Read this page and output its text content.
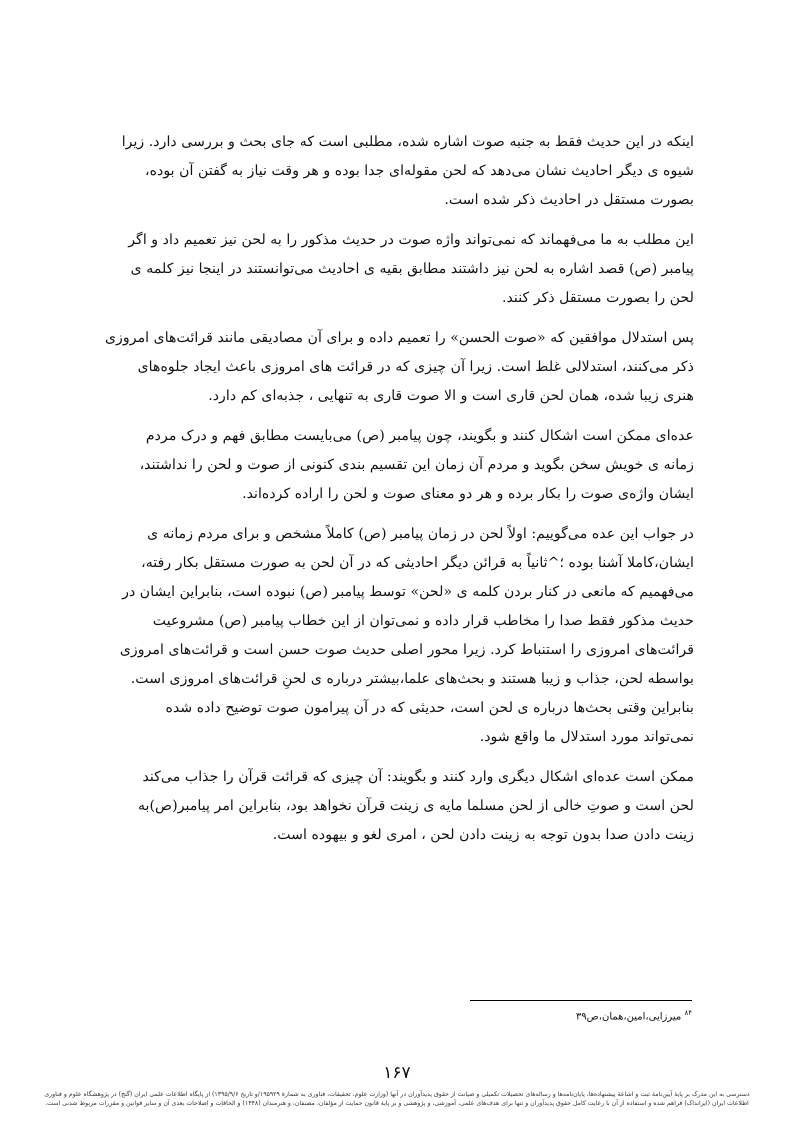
اینکه در این حدیث فقط به جنبه صوت اشاره شده، مطلبی است که جای بحث و بررسی دارد. زیرا
شیوه ی دیگر احادیث نشان می‌دهد که لحن مقوله‌ای جدا بوده و هر وقت نیاز به گفتن آن بوده،
بصورت مستقل در احادیث ذکر شده است.

این مطلب به ما می‌فهماند که نمی‌تواند واژه صوت در حدیث مذکور را به لحن نیز تعمیم داد و اگر
پیامبر (ص) قصد اشاره به لحن نیز داشتند مطابق بقیه ی احادیث می‌توانستند در اینجا نیز کلمه ی
لحن را بصورت مستقل ذکر کنند.

پس استدلال موافقین که «صوت الحسن» را تعمیم داده و برای آن مصادیقی مانند قرائت‌های امروزی
ذکر می‌کنند، استدلالی غلط است. زیرا آن چیزی که در قرائت های امروزی باعث ایجاد جلوه‌های
هنری زیبا شده، همان لحن قاری است و الا صوت قاری به تنهایی ، جذبه‌ای کم دارد.

عده‌ای ممکن است اشکال کنند و بگویند، چون پیامبر (ص) می‌بایست مطابق فهم و درک مردم
زمانه ی خویش سخن بگوید و مردم آن زمان این تقسیم بندی کنونی از صوت و لحن را نداشتند،
ایشان واژه‌ی صوت را بکار برده و هر دو معنای صوت و لحن را اراده کرده‌اند.

در جواب این عده می‌گوییم: اولاً لحن در زمان پیامبر (ص) کاملاً مشخص و برای مردم زمانه ی
ایشان،کاملا آشنا بوده ؛^ثانیاً به قرائن دیگر احادیثی که در آن لحن به صورت مستقل بکار رفته،
می‌فهمیم که مانعی در کنار بردن کلمه ی «لحن» توسط پیامبر (ص) نبوده است، بنابراین ایشان در
حدیث مذکور فقط صدا را مخاطب قرار داده و نمی‌توان از این خطاب پیامبر (ص) مشروعیت
قرائت‌های امروزی را استنباط کرد. زیرا محور اصلی حدیث صوت حسن است و قرائت‌های امروزی
بواسطه لحن، جذاب و زیبا هستند و بحث‌های علما،بیشتر درباره ی لحنِ قرائت‌های امروزی است.
بنابراین وقتی بحث‌ها درباره ی لحن است، حدیثی که در آن پیرامون صوت توضیح داده شده
نمی‌تواند مورد استدلال ما واقع شود.

ممکن است عده‌ای اشکال دیگری وارد کنند و بگویند: آن چیزی که قرائت قرآن را جذاب می‌کند
لحن است و صوتِ خالی از لحن مسلما مایه ی زینت قرآن نخواهد بود، بنابراین امر پیامبر(ص)به
زینت دادن صدا بدون توجه به زینت دادن لحن ، امری لغو و بیهوده است.

$^{۸۴}$ میرزایی،امین،همان،ص۳۹
۱۶۷
دسترسی به این مدرک بر پایهٔ آیین‌نامهٔ ثبت و اشاعهٔ پیشنهاده‌ها، پایان‌نامه‌ها و رساله‌های تحصیلات تکمیلی و صیانت از حقوق پدیدآوران در آنها (وزارت علوم، تحقیقات، فناوری به شمارهٔ ۱۹۵۹۲۹/و تاریخ ۱۳۹۵/۹/۶) از پایگاه اطلاعات علمی ایران (گنج) در پژوهشگاه علوم و فناوری
اطلاعات ایران (ایرانداک) فراهم شده و استفاده از آن با رعایت کامل حقوق پدیدآوران و تنها برای هدف‌های علمی، آموزشی، و پژوهشی و بر پایهٔ قانون حمایت از مؤلفان، مصنفان، و هنرمندان (۱۳۴۸) و الحاقات و اصلاحات بعدی آن و سایر قوانین و مقررات مربوط شدنی است.
